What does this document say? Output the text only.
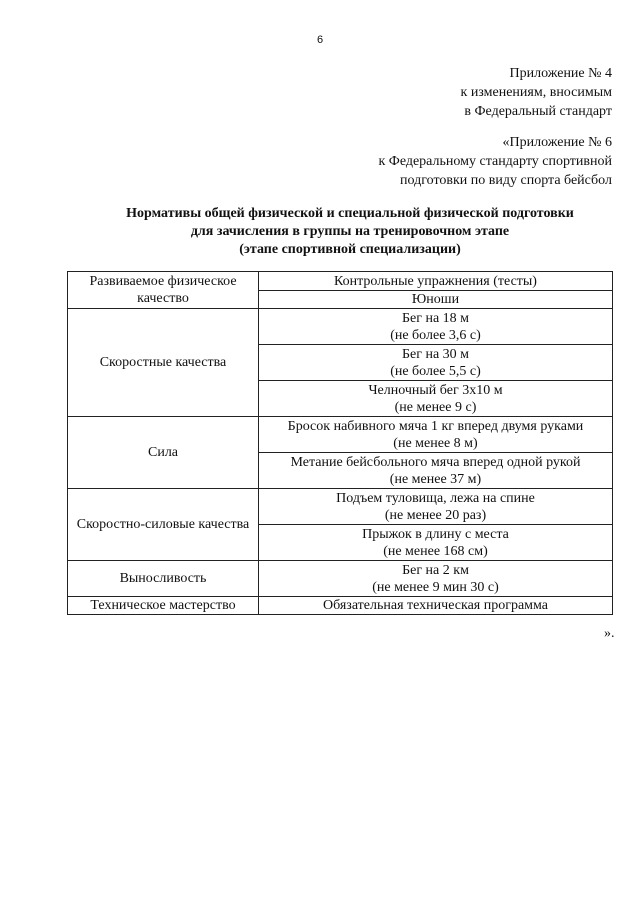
6
Приложение № 4
к изменениям, вносимым
в Федеральный стандарт
«Приложение № 6
к Федеральному стандарту спортивной
подготовки по виду спорта бейсбол
Нормативы общей физической и специальной физической подготовки
для зачисления в группы на тренировочном этапе
(этапе спортивной специализации)
Развиваемое физическое
качество	Контрольные упражнения (тесты)
	Юноши
Скоростные качества	Бег на 18 м
(не более 3,6 с)

	Бег на 30 м
(не более 5,5 с)

	Челночный бег 3х10 м
(не менее 9 с)

Сила	Бросок набивного мяча 1 кг вперед двумя руками
(не менее 8 м)

	Метание бейсбольного мяча вперед одной рукой
(не менее 37 м)

Скоростно-силовые качества	Подъем туловища, лежа на спине
(не менее 20 раз)

	Прыжок в длину с места
(не менее 168 см)

Выносливость	Бег на 2 км
(не менее 9 мин 30 с)

Техническое мастерство	Обязательная техническая программа
».
